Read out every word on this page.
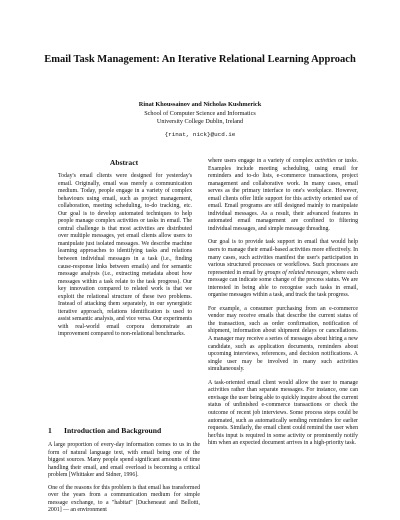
Email Task Management: An Iterative Relational Learning Approach
Rinat Khoussainov and Nicholas Kushmerick
School of Computer Science and Informatics
University College Dublin, Ireland
{rinat, nick}@ucd.ie
Abstract
Today's email clients were designed for yesterday's email. Originally, email was merely a communication medium. Today, people engage in a variety of complex behaviours using email, such as project management, collaboration, meeting scheduling, to-do tracking, etc. Our goal is to develop automated techniques to help people manage complex activities or tasks in email. The central challenge is that most activities are distributed over multiple messages, yet email clients allow users to manipulate just isolated messages. We describe machine learning approaches to identifying tasks and relations between individual messages in a task (i.e., finding cause-response links between emails) and for semantic message analysis (i.e., extracting metadata about how messages within a task relate to the task progress). Our key innovation compared to related work is that we exploit the relational structure of these two problems. Instead of attacking them separately, in our synergistic iterative approach, relations identification is used to assist semantic analysis, and vice versa. Our experiments with real-world email corpora demonstrate an improvement compared to non-relational benchmarks.
1 Introduction and Background

A large proportion of every-day information comes to us in the form of natural language text, with email being one of the biggest sources. Many people spend significant amounts of time handling their email, and email overload is becoming a critical problem [Whittaker and Sidner, 1996].

One of the reasons for this problem is that email has transformed over the years from a communication medium for simple message exchange, to a "habitat" [Ducheneaut and Bellotti, 2001] — an environment

where users engage in a variety of complex activities or tasks. Examples include meeting scheduling, using email for reminders and to-do lists, e-commerce transactions, project management and collaborative work. In many cases, email serves as the primary interface to one's workplace. However, email clients offer little support for this activity oriented use of email. Email programs are still designed mainly to manipulate individual messages. As a result, their advanced features in automated email management are confined to filtering individual messages, and simple message threading.

Our goal is to provide task support in email that would help users to manage their email-based activities more effectively. In many cases, such activities manifest the user's participation in various structured processes or workflows. Such processes are represented in email by groups of related messages, where each message can indicate some change of the process status. We are interested in being able to recognise such tasks in email, organise messages within a task, and track the task progress.

For example, a consumer purchasing from an e-commerce vendor may receive emails that describe the current status of the transaction, such as order confirmation, notification of shipment, information about shipment delays or cancellations. A manager may receive a series of messages about hiring a new candidate, such as application documents, reminders about upcoming interviews, references, and decision notifications. A single user may be involved in many such activities simultaneously.

A task-oriented email client would allow the user to manage activities rather than separate messages. For instance, one can envisage the user being able to quickly inquire about the current status of unfinished e-commerce transactions or check the outcome of recent job interviews. Some process steps could be automated, such as automatically sending reminders for earlier requests. Similarly, the email client could remind the user when her/his input is required in some activity or prominently notify him when an expected document arrives in a high-priority task.
